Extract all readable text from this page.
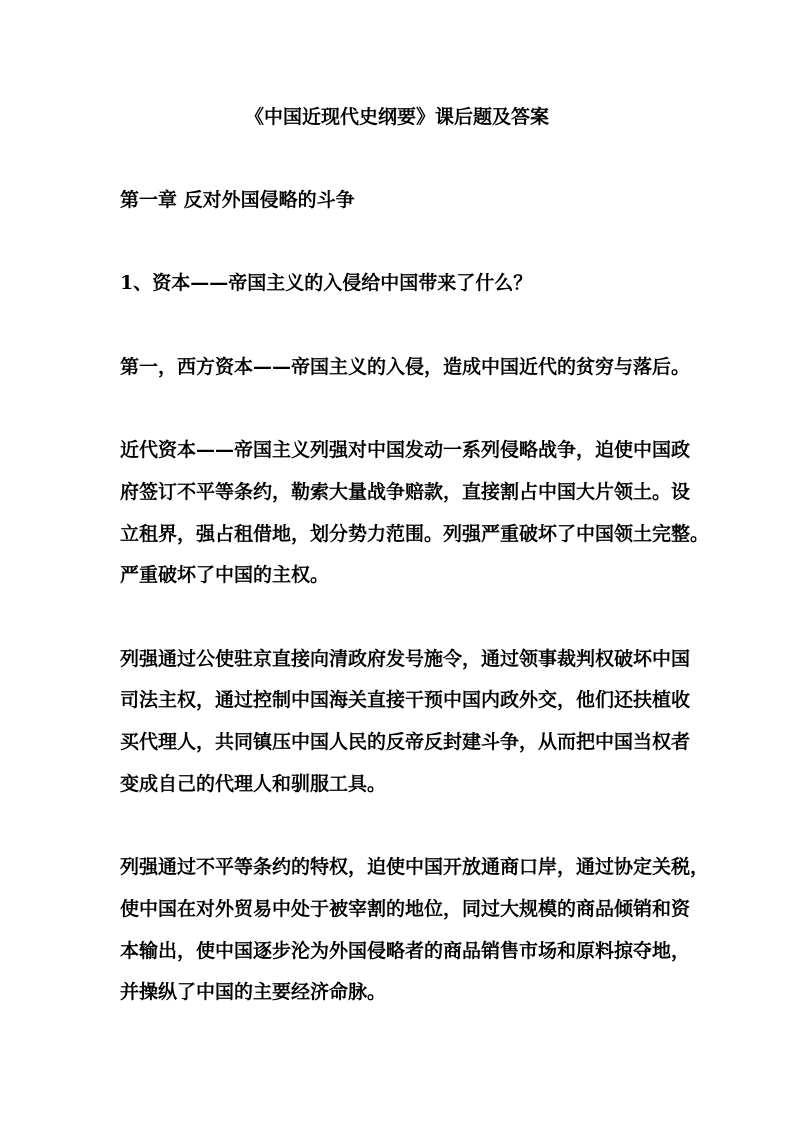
《中国近现代史纲要》课后题及答案
第一章 反对外国侵略的斗争
1、资本——帝国主义的入侵给中国带来了什么？
第一，西方资本——帝国主义的入侵，造成中国近代的贫穷与落后。
近代资本——帝国主义列强对中国发动一系列侵略战争，迫使中国政
府签订不平等条约，勒索大量战争赔款，直接割占中国大片领土。设
立租界，强占租借地，划分势力范围。列强严重破坏了中国领土完整。
严重破坏了中国的主权。
列强通过公使驻京直接向清政府发号施令，通过领事裁判权破坏中国
司法主权，通过控制中国海关直接干预中国内政外交，他们还扶植收
买代理人，共同镇压中国人民的反帝反封建斗争，从而把中国当权者
变成自己的代理人和驯服工具。
列强通过不平等条约的特权，迫使中国开放通商口岸，通过协定关税，
使中国在对外贸易中处于被宰割的地位，同过大规模的商品倾销和资
本输出，使中国逐步沦为外国侵略者的商品销售市场和原料掠夺地，
并操纵了中国的主要经济命脉。
